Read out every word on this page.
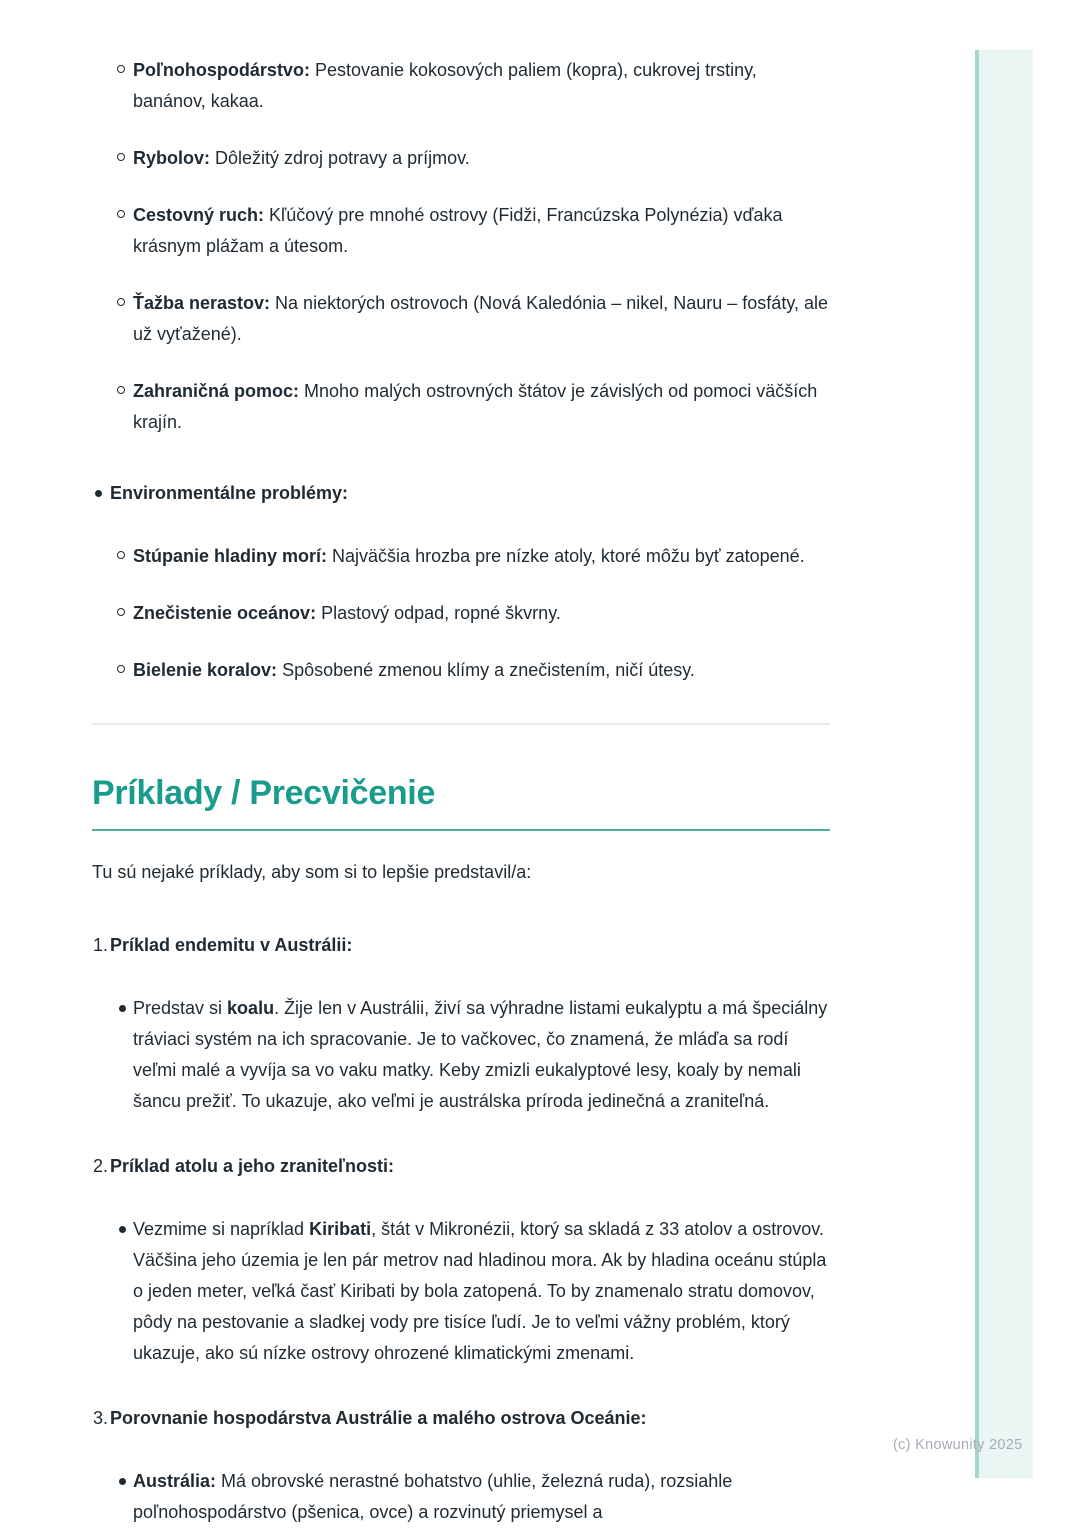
Poľnohospodárstvo: Pestovanie kokosových paliem (kopra), cukrovej trstiny, banánov, kakaa.
Rybolov: Dôležitý zdroj potravy a príjmov.
Cestovný ruch: Kľúčový pre mnohé ostrovy (Fidži, Francúzska Polynézia) vďaka krásnym plážam a útesom.
Ťažba nerastov: Na niektorých ostrovoch (Nová Kaledónia – nikel, Nauru – fosfáty, ale už vyťažené).
Zahraničná pomoc: Mnoho malých ostrovných štátov je závislých od pomoci väčších krajín.
Environmentálne problémy:
Stúpanie hladiny morí: Najväčšia hrozba pre nízke atoly, ktoré môžu byť zatopené.
Znečistenie oceánov: Plastový odpad, ropné škvrny.
Bielenie koralov: Spôsobené zmenou klímy a znečistením, ničí útesy.
Príklady / Precvičenie

Tu sú nejaké príklady, aby som si to lepšie predstavil/a:

1. Príklad endemitu v Austrálii:
Predstav si koalu. Žije len v Austrálii, živí sa výhradne listami eukalyptu a má špeciálny tráviaci systém na ich spracovanie. Je to vačkovec, čo znamená, že mláďa sa rodí veľmi malé a vyvíja sa vo vaku matky. Keby zmizli eukalyptové lesy, koaly by nemali šancu prežiť. To ukazuje, ako veľmi je austrálska príroda jedinečná a zraniteľná.
2. Príklad atolu a jeho zraniteľnosti:
Vezmime si napríklad Kiribati, štát v Mikronézii, ktorý sa skladá z 33 atolov a ostrovov. Väčšina jeho územia je len pár metrov nad hladinou mora. Ak by hladina oceánu stúpla o jeden meter, veľká časť Kiribati by bola zatopená. To by znamenalo stratu domovov, pôdy na pestovanie a sladkej vody pre tisíce ľudí. Je to veľmi vážny problém, ktorý ukazuje, ako sú nízke ostrovy ohrozené klimatickými zmenami.
3. Porovnanie hospodárstva Austrálie a malého ostrova Oceánie:
Austrália: Má obrovské nerastné bohatstvo (uhlie, železná ruda), rozsiahle poľnohospodárstvo (pšenica, ovce) a rozvinutý priemysel a
(c) Knowunity 2025
